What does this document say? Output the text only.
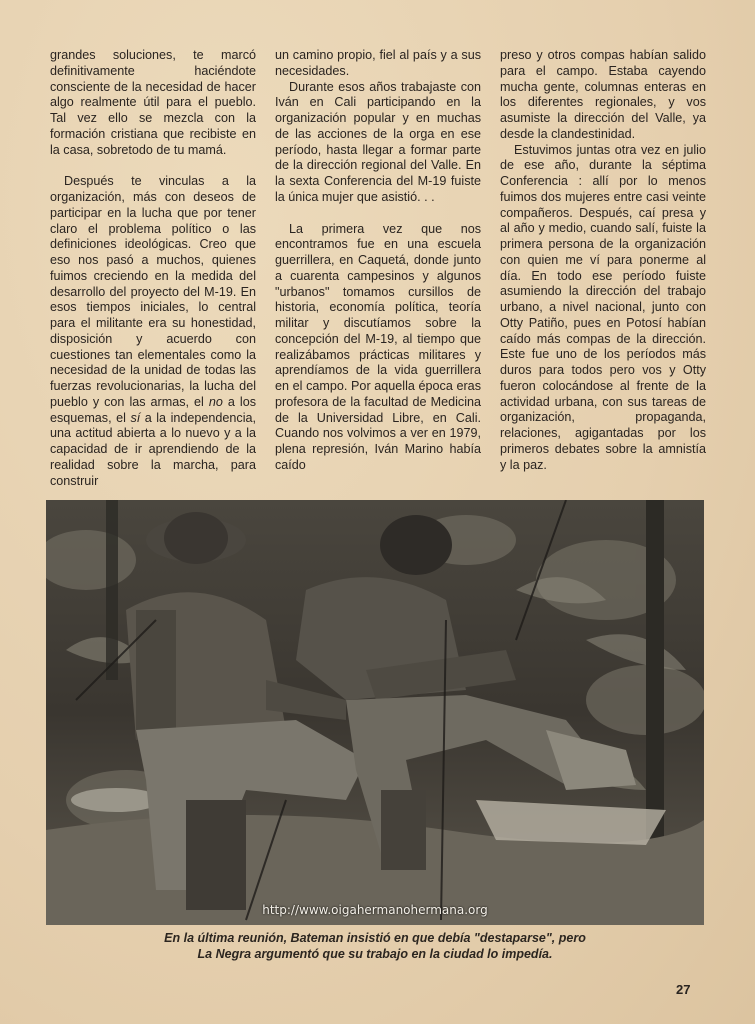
grandes soluciones, te marcó definitivamente haciéndote consciente de la necesidad de hacer algo realmente útil para el pueblo. Tal vez ello se mezcla con la formación cristiana que recibiste en la casa, sobretodo de tu mamá.

Después te vinculas a la organización, más con deseos de participar en la lucha que por tener claro el problema político o las definiciones ideológicas. Creo que eso nos pasó a muchos, quienes fuimos creciendo en la medida del desarrollo del proyecto del M-19. En esos tiempos iniciales, lo central para el militante era su honestidad, disposición y acuerdo con cuestiones tan elementales como la necesidad de la unidad de todas las fuerzas revolucionarias, la lucha del pueblo y con las armas, el no a los esquemas, el sí a la independencia, una actitud abierta a lo nuevo y a la capacidad de ir aprendiendo de la realidad sobre la marcha, para construir

un camino propio, fiel al país y a sus necesidades.

Durante esos años trabajaste con Iván en Cali participando en la organización popular y en muchas de las acciones de la orga en ese período, hasta llegar a formar parte de la dirección regional del Valle. En la sexta Conferencia del M-19 fuiste la única mujer que asistió. . .

La primera vez que nos encontramos fue en una escuela guerrillera, en Caquetá, donde junto a cuarenta campesinos y algunos "urbanos" tomamos cursillos de historia, economía política, teoría militar y discutíamos sobre la concepción del M-19, al tiempo que realizábamos prácticas militares y aprendíamos de la vida guerrillera en el campo. Por aquella época eras profesora de la facultad de Medicina de la Universidad Libre, en Cali. Cuando nos volvimos a ver en 1979, plena represión, Iván Marino había caído

preso y otros compas habían salido para el campo. Estaba cayendo mucha gente, columnas enteras en los diferentes regionales, y vos asumiste la dirección del Valle, ya desde la clandestinidad.

Estuvimos juntas otra vez en julio de ese año, durante la séptima Conferencia : allí por lo menos fuimos dos mujeres entre casi veinte compañeros. Después, caí presa y al año y medio, cuando salí, fuiste la primera persona de la organización con quien me ví para ponerme al día. En todo ese período fuiste asumiendo la dirección del trabajo urbano, a nivel nacional, junto con Otty Patiño, pues en Potosí habían caído más compas de la dirección. Este fue uno de los períodos más duros para todos pero vos y Otty fueron colocándose al frente de la actividad urbana, con sus tareas de organización, propaganda, relaciones, agigantadas por los primeros debates sobre la amnistía y la paz.

http://www.oigahermanohermana.org
En la última reunión, Bateman insistió en que debía "destaparse", pero
La Negra argumentó que su trabajo en la ciudad lo impedía.
27
